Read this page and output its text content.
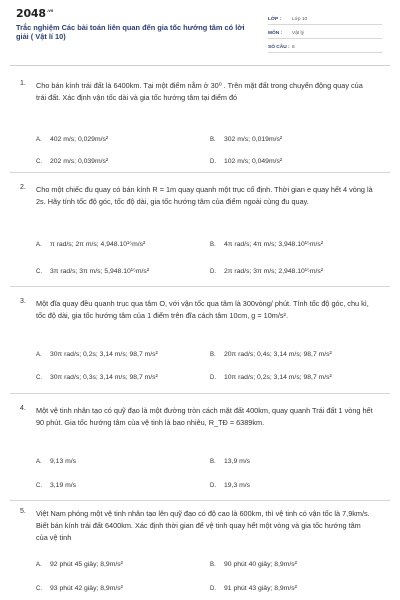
$2048^{.vn}$
Trắc nghiệm Các bài toán liên quan đến gia tốc hướng tâm có lời giải ( Vật lí 10)
LỚP :	Lớp 10
MÔN :	Vật lý
SỐ CÂU : 8
1. Cho bán kính trái đất là 6400km. Tại một điểm nằm ở 30⁰ . Trên mặt đất trong chuyển động quay của trái đất. Xác định vận tốc dài và gia tốc hướng tâm tại điểm đó
A. 402 m/s; 0,029m/s²	B. 302 m/s; 0,019m/s²
C. 202 m/s; 0,039m/s²	D. 102 m/s; 0,049m/s²
2. Cho một chiếc đu quay có bán kính R = 1m quay quanh một trục cố định. Thời gian e quay hết 4 vòng là 2s. Hãy tính tốc độ góc, tốc độ dài, gia tốc hướng tâm của điểm ngoài cùng đu quay.
A. π rad/s; 2π m/s; 4,948.10¹⁵m/s²	B. 4π rad/s; 4π m/s; 3,948.10¹⁵m/s²
C. 3π rad/s; 3π m/s; 5,948.10¹⁵m/s²	D. 2π rad/s; 3π m/s; 2,948.10¹⁵m/s²
3. Một đĩa quay đều quanh trục qua tâm O, với vận tốc qua tâm là 300vòng/ phút. Tính tốc độ góc, chu kì, tốc độ dài, gia tốc hướng tâm của 1 điểm trên đĩa cách tâm 10cm, g = 10m/s².
A. 30π rad/s; 0,2s; 3,14 m/s; 98,7 m/s²	B. 20π rad/s; 0,4s; 3,14 m/s; 98,7 m/s²
C. 30π rad/s; 0,3s; 3,14 m/s; 98,7 m/s²	D. 10π rad/s; 0,2s; 3,14 m/s; 98,7 m/s²
4. Một vệ tinh nhân tạo có quỹ đạo là một đường tròn cách mặt đất 400km, quay quanh Trái đất 1 vòng hết 90 phút. Gia tốc hướng tâm của vệ tinh là bao nhiêu, R_TĐ = 6389km.
A. 9,13 m/s	B. 13,9 m/s
C. 3,19 m/s	D. 19,3 m/s
5. Việt Nam phóng một vệ tinh nhân tạo lên quỹ đạo có độ cao là 600km, thì vệ tinh có vận tốc là 7,9km/s. Biết bán kính trái đất 6400km. Xác định thời gian để vệ tinh quay hết một vòng và gia tốc hướng tâm của vệ tinh
A. 92 phút 45 giây; 8,9m/s²	B. 90 phút 40 giây; 8,9m/s²
C. 93 phút 42 giây; 8,9m/s²	D. 91 phút 43 giây; 8,9m/s²
